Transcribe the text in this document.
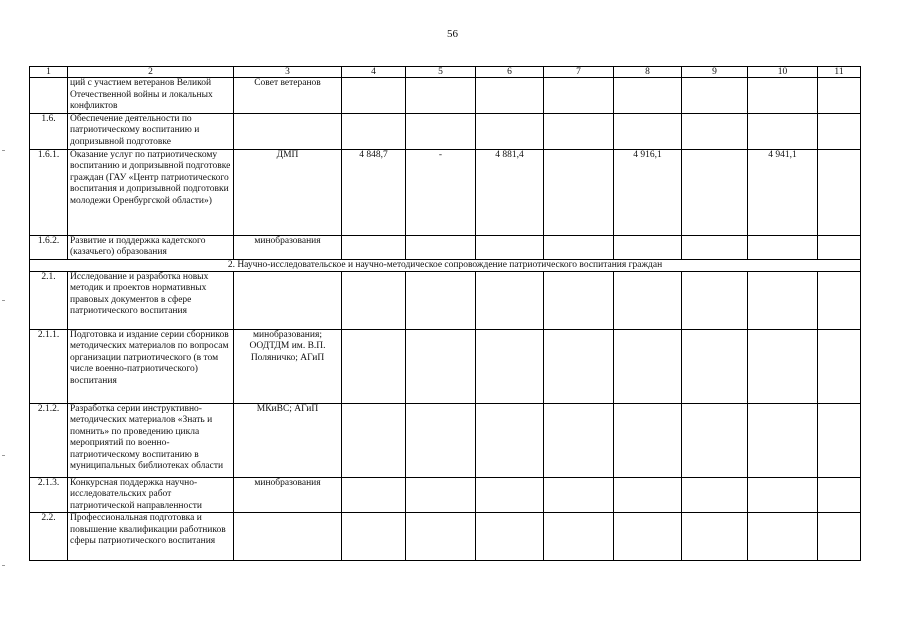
56
1	2	3	4	5	6	7	8	9	10	11
	ций с участием ветеранов Великой Отечественной войны и локальных конфликтов	Совет ветеранов								
1.6.	Обеспечение деятельности по патриотическому воспитанию и допризывной подготовке									
1.6.1.	Оказание услуг по патриотическому воспитанию и допризывной подготовке граждан (ГАУ «Центр патриотического воспитания и допризывной подготовки молодежи Оренбургской области»)	ДМП	4 848,7	-	4 881,4		4 916,1		4 941,1	
1.6.2.	Развитие и поддержка кадетского (казачьего) образования	минобразования								
2. Научно-исследовательское и научно-методическое сопровождение патриотического воспитания граждан										
2.1.	Исследование и разработка новых методик и проектов нормативных правовых документов в сфере патриотического воспитания									
2.1.1.	Подготовка и издание серии сборников методических материалов по вопросам организации патриотического (в том числе военно-патриотического) воспитания	минобразования; ООДТДМ им. В.П. Поляничко; АГиП								
2.1.2.	Разработка серии инструктивно-методических материалов «Знать и помнить» по проведению цикла мероприятий по военно-патриотическому воспитанию в муниципальных библиотеках области	МКиВС; АГиП								
2.1.3.	Конкурсная поддержка научно-исследовательских работ патриотической направленности	минобразования								
2.2.	Профессиональная подготовка и повышение квалификации работников сферы патриотического воспитания									
